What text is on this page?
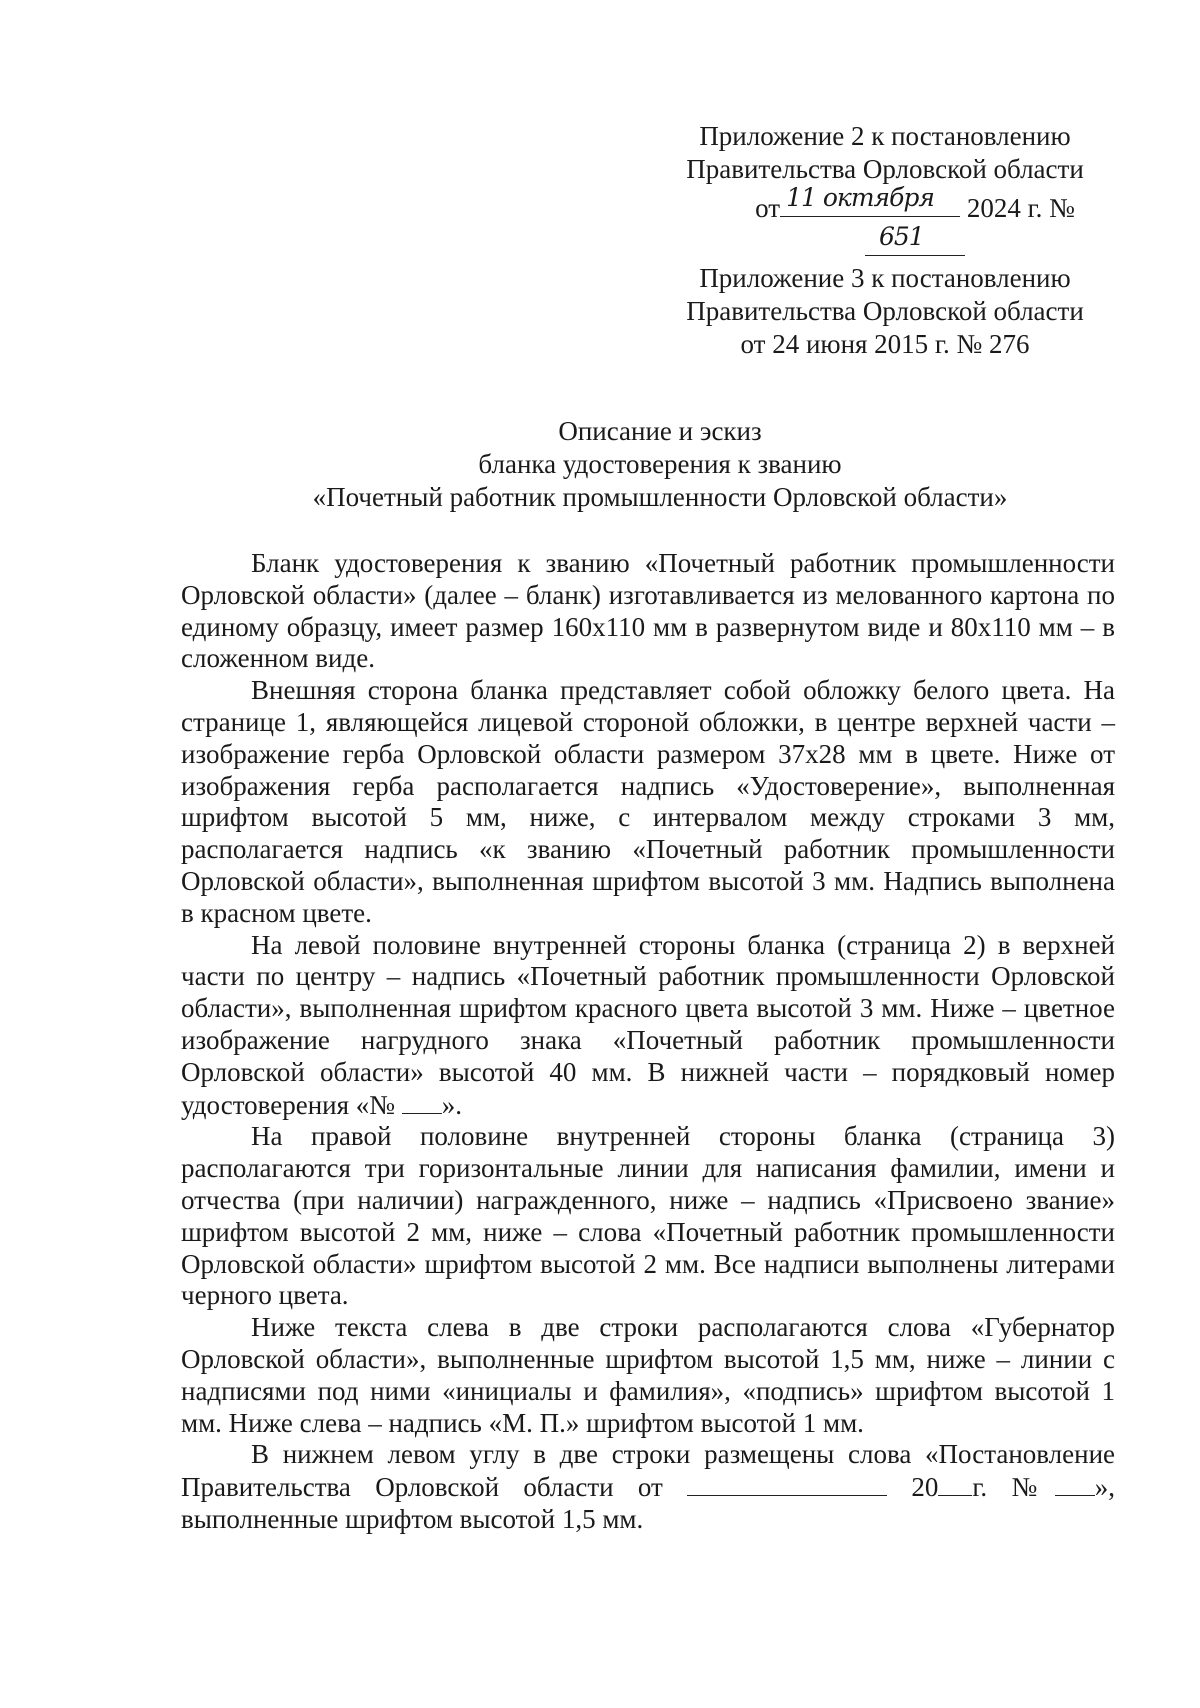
Приложение 2 к постановлению
Правительства Орловской области
от 11 октября 2024 г. №
651
Приложение 3 к постановлению
Правительства Орловской области
от 24 июня 2015 г. № 276
Описание и эскиз
бланка удостоверения к званию
«Почетный работник промышленности Орловской области»

Бланк удостоверения к званию «Почетный работник промышленности Орловской области» (далее – бланк) изготавливается из мелованного картона по единому образцу, имеет размер 160х110 мм в развернутом виде и 80х110 мм – в сложенном виде.

Внешняя сторона бланка представляет собой обложку белого цвета. На странице 1, являющейся лицевой стороной обложки, в центре верхней части – изображение герба Орловской области размером 37х28 мм в цвете. Ниже от изображения герба располагается надпись «Удостоверение», выполненная шрифтом высотой 5 мм, ниже, с интервалом между строками 3 мм, располагается надпись «к званию «Почетный работник промышленности Орловской области», выполненная шрифтом высотой 3 мм. Надпись выполнена в красном цвете.

На левой половине внутренней стороны бланка (страница 2) в верхней части по центру – надпись «Почетный работник промышленности Орловской области», выполненная шрифтом красного цвета высотой 3 мм. Ниже – цветное изображение нагрудного знака «Почетный работник промышленности Орловской области» высотой 40 мм. В нижней части – порядковый номер удостоверения «№ ».

На правой половине внутренней стороны бланка (страница 3) располагаются три горизонтальные линии для написания фамилии, имени и отчества (при наличии) награжденного, ниже – надпись «Присвоено звание» шрифтом высотой 2 мм, ниже – слова «Почетный работник промышленности Орловской области» шрифтом высотой 2 мм. Все надписи выполнены литерами черного цвета.

Ниже текста слева в две строки располагаются слова «Губернатор Орловской области», выполненные шрифтом высотой 1,5 мм, ниже – линии с надписями под ними «инициалы и фамилия», «подпись» шрифтом высотой 1 мм. Ниже слева – надпись «М. П.» шрифтом высотой 1 мм.

В нижнем левом углу в две строки размещены слова «Постановление Правительства Орловской области от	20 г. № », выполненные шрифтом высотой 1,5 мм.
